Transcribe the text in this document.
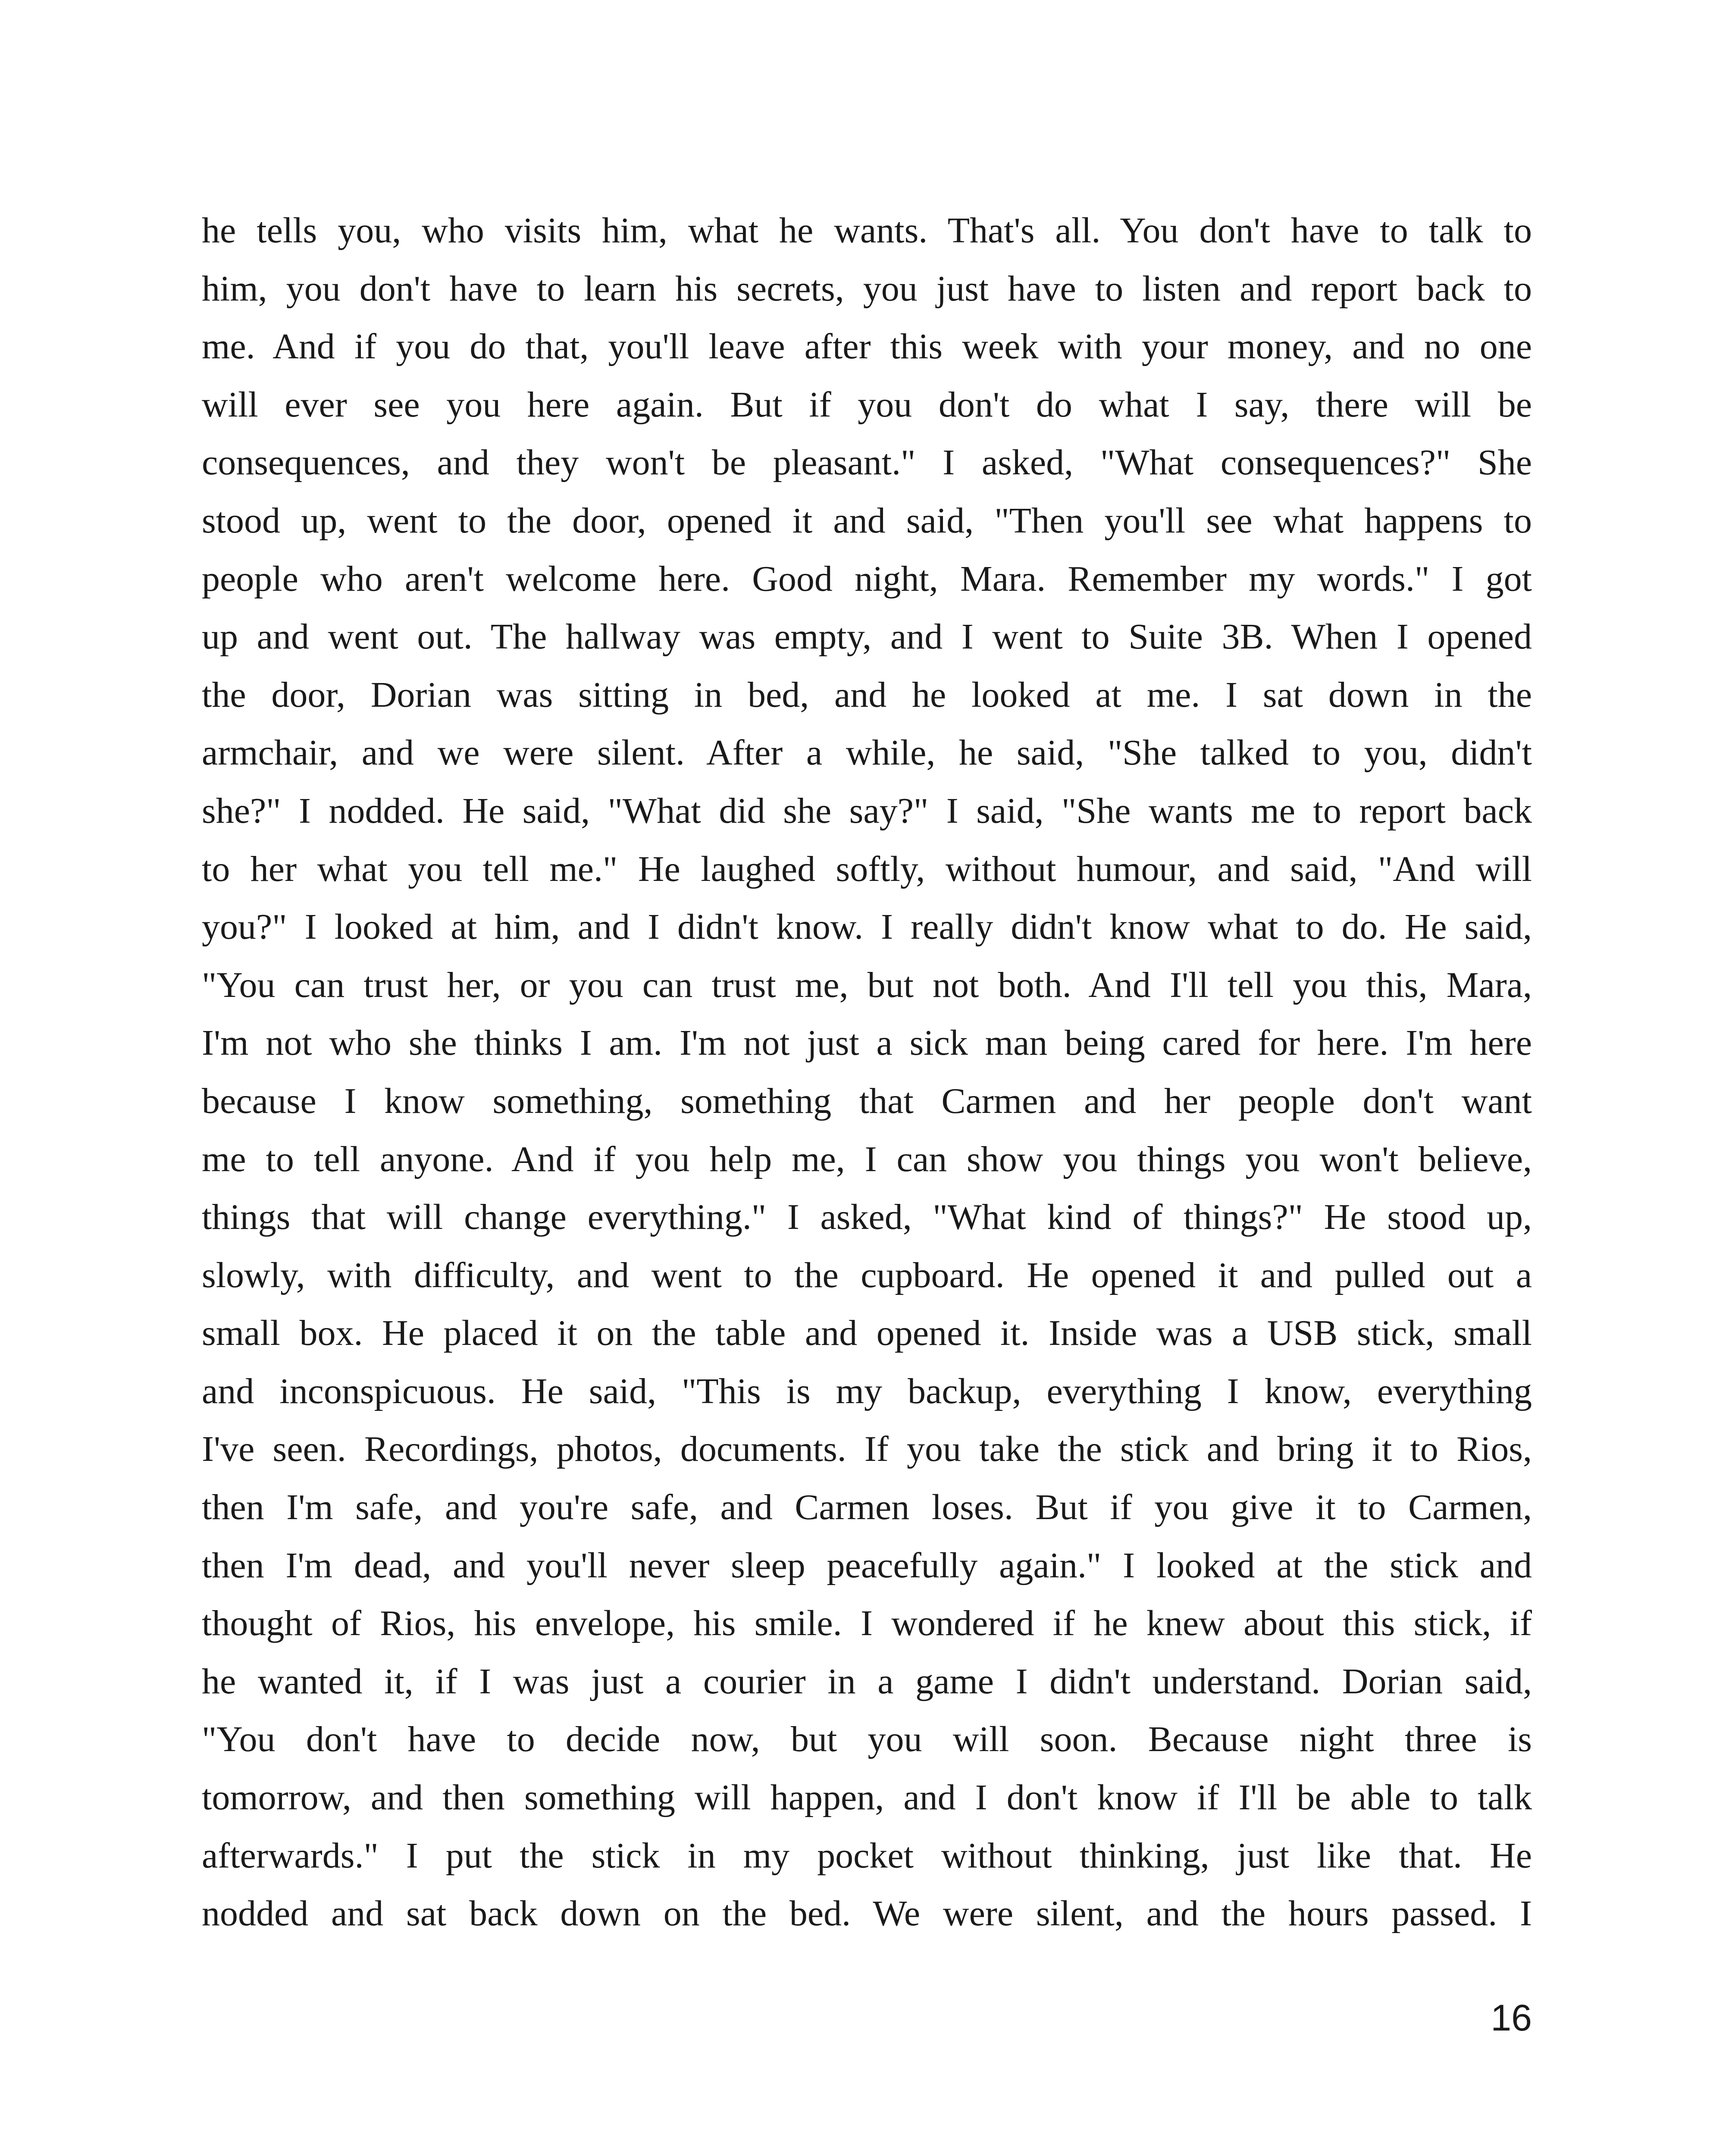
he tells you, who visits him, what he wants. That's all. You don't have to talk to
him, you don't have to learn his secrets, you just have to listen and report back to
me. And if you do that, you'll leave after this week with your money, and no one
will ever see you here again. But if you don't do what I say, there will be
consequences, and they won't be pleasant." I asked, "What consequences?" She
stood up, went to the door, opened it and said, "Then you'll see what happens to
people who aren't welcome here. Good night, Mara. Remember my words." I got
up and went out. The hallway was empty, and I went to Suite 3B. When I opened
the door, Dorian was sitting in bed, and he looked at me. I sat down in the
armchair, and we were silent. After a while, he said, "She talked to you, didn't
she?" I nodded. He said, "What did she say?" I said, "She wants me to report back
to her what you tell me." He laughed softly, without humour, and said, "And will
you?" I looked at him, and I didn't know. I really didn't know what to do. He said,
"You can trust her, or you can trust me, but not both. And I'll tell you this, Mara,
I'm not who she thinks I am. I'm not just a sick man being cared for here. I'm here
because I know something, something that Carmen and her people don't want
me to tell anyone. And if you help me, I can show you things you won't believe,
things that will change everything." I asked, "What kind of things?" He stood up,
slowly, with difficulty, and went to the cupboard. He opened it and pulled out a
small box. He placed it on the table and opened it. Inside was a USB stick, small
and inconspicuous. He said, "This is my backup, everything I know, everything
I've seen. Recordings, photos, documents. If you take the stick and bring it to Rios,
then I'm safe, and you're safe, and Carmen loses. But if you give it to Carmen,
then I'm dead, and you'll never sleep peacefully again." I looked at the stick and
thought of Rios, his envelope, his smile. I wondered if he knew about this stick, if
he wanted it, if I was just a courier in a game I didn't understand. Dorian said,
"You don't have to decide now, but you will soon. Because night three is
tomorrow, and then something will happen, and I don't know if I'll be able to talk
afterwards." I put the stick in my pocket without thinking, just like that. He
nodded and sat back down on the bed. We were silent, and the hours passed. I
16
